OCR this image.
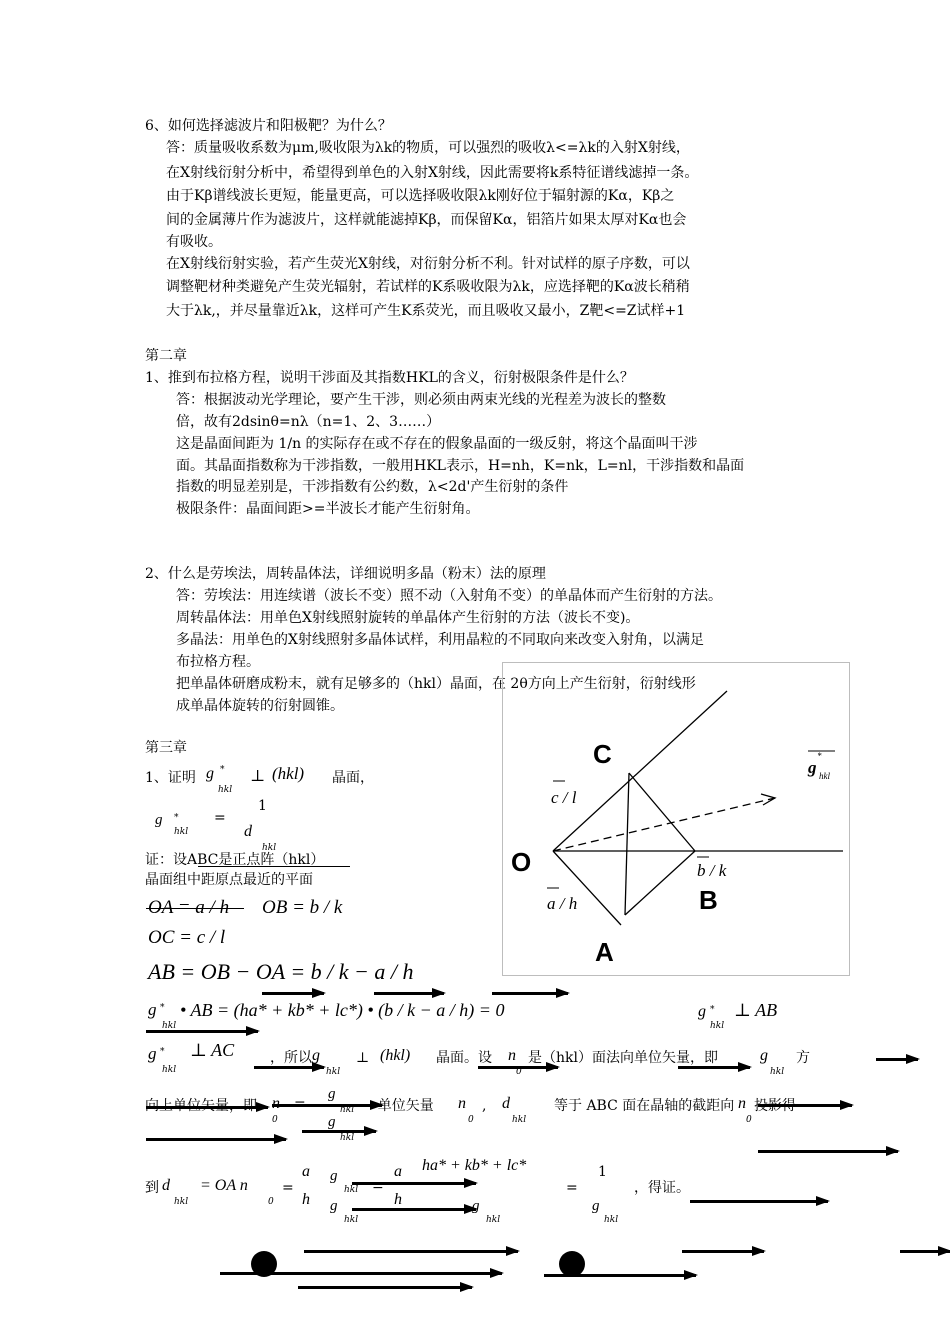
6、如何选择滤波片和阳极靶？为什么？
答：质量吸收系数为μm,吸收限为λk的物质，可以强烈的吸收λ<=λk的入射X射线，
在X射线衍射分析中，希望得到单色的入射X射线，因此需要将k系特征谱线滤掉一条。
由于Kβ谱线波长更短，能量更高，可以选择吸收限λk刚好位于辐射源的Kα，Kβ之
间的金属薄片作为滤波片，这样就能滤掉Kβ，而保留Kα，铝箔片如果太厚对Kα也会
有吸收。
在X射线衍射实验，若产生荧光X射线，对衍射分析不利。针对试样的原子序数，可以
调整靶材种类避免产生荧光辐射，若试样的K系吸收限为λk，应选择靶的Kα波长稍稍
大于λk,，并尽量靠近λk，这样可产生K系荧光，而且吸收又最小，Z靶<=Z试样+1
第二章
1、推到布拉格方程，说明干涉面及其指数HKL的含义，衍射极限条件是什么？
答：根据波动光学理论，要产生干涉，则必须由两束光线的光程差为波长的整数
倍，故有2dsinθ=nλ（n=1、2、3……）
这是晶面间距为 1/n 的实际存在或不存在的假象晶面的一级反射，将这个晶面叫干涉
面。其晶面指数称为干涉指数，一般用HKL表示，H=nh，K=nk，L=nl，干涉指数和晶面
指数的明显差别是，干涉指数有公约数，λ<2d'产生衍射的条件
极限条件：晶面间距>=半波长才能产生衍射角。
2、什么是劳埃法，周转晶体法，详细说明多晶（粉末）法的原理
答：劳埃法：用连续谱（波长不变）照不动（入射角不变）的单晶体而产生衍射的方法。
周转晶体法：用单色X射线照射旋转的单晶体产生衍射的方法（波长不变)。
多晶法：用单色的X射线照射多晶体试样，利用晶粒的不同取向来改变入射角，以满足
布拉格方程。
把单晶体研磨成粉末，就有足够多的（hkl）晶面，在 2θ方向上产生衍射，衍射线形
成单晶体旋转的衍射圆锥。
C
O
B
A
c / l
b / k
a / h
g hkl
*
第三章
1、证明 g *
hkl
⊥ (hkl) 晶面，
g *
hkl
=
1
d
hkl
证：设ABC是正点阵（hkl）
晶面组中距原点最近的平面
OA = a / h OB = b / k
OC = c / l
AB = OB − OA = b / k − a / h
g *
hkl
• AB = (ha* + kb* + lc*) • (b / k − a / h) = 0	g *
hkl
⊥ AB
g *
hkl
⊥ AC	，所以 g
hkl
⊥ (hkl) 晶面。设 n
0
是（hkl）面法向单位矢量，即	g
hkl
方
向上单位矢量，即 n
0
=
g
hkl
g
hkl
→单位矢量 n
0
, d
hkl
等于 ABC 面在晶轴的截距向 n
0
投影得
到 d
hkl
= OA n
0
=
a
h
g
hkl
g
hkl
−
a
h
ha* + kb* + lc*
g
hkl
=
1
g
hkl
，得证。
